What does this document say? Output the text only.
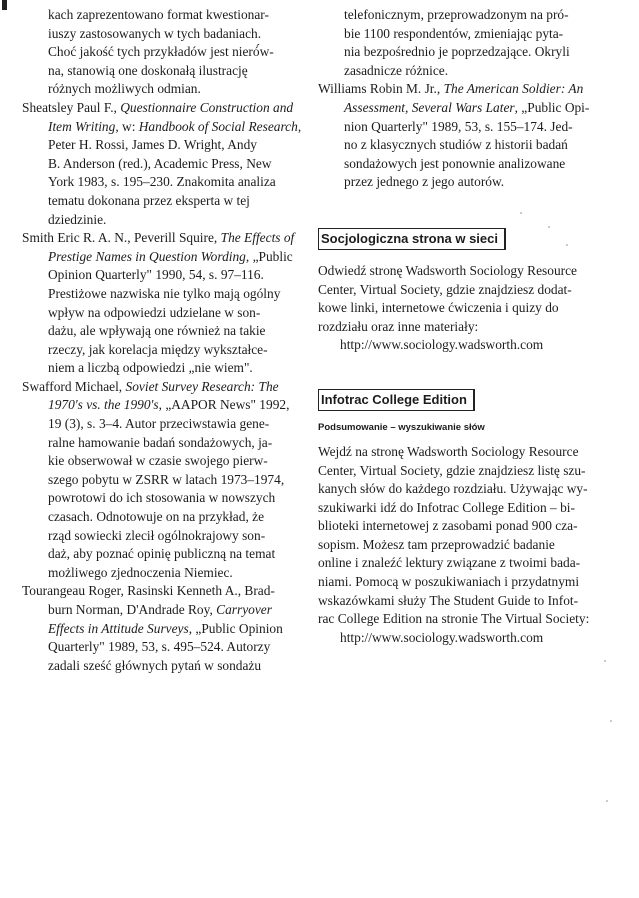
kach zaprezentowano format kwestionar-
iuszy zastosowanych w tych badaniach.
Choć jakość tych przykładów jest nieró́w-
na, stanowią one doskonałą ilustrację
różnych możliwych odmian.
Sheatsley Paul F., Questionnaire Construction and
Item Writing, w: Handbook of Social Research,
Peter H. Rossi, James D. Wright, Andy
B. Anderson (red.), Academic Press, New
York 1983, s. 195–230. Znakomita analiza
tematu dokonana przez eksperta w tej
dziedzinie.
Smith Eric R. A. N., Peverill Squire, The Effects of
Prestige Names in Question Wording, „Public
Opinion Quarterly" 1990, 54, s. 97–116.
Prestiżowe nazwiska nie tylko mają ogólny
wpływ na odpowiedzi udzielane w son-
dażu, ale wpływają one również na takie
rzeczy, jak korelacja między wykształce-
niem a liczbą odpowiedzi „nie wiem".
Swafford Michael, Soviet Survey Research: The
1970's vs. the 1990's, „AAPOR News" 1992,
19 (3), s. 3–4. Autor przeciwstawia gene-
ralne hamowanie badań sondażowych, ja-
kie obserwował w czasie swojego pierw-
szego pobytu w ZSRR w latach 1973–1974,
powrotowi do ich stosowania w nowszych
czasach. Odnotowuje on na przykład, że
rząd sowiecki zlecił ogólnokrajowy son-
daż, aby poznać opinię publiczną na temat
możliwego zjednoczenia Niemiec.
Tourangeau Roger, Rasinski Kenneth A., Brad-
burn Norman, D'Andrade Roy, Carryover
Effects in Attitude Surveys, „Public Opinion
Quarterly" 1989, 53, s. 495–524. Autorzy
zadali sześć głównych pytań w sondażu
telefonicznym, przeprowadzonym na pró-
bie 1100 respondentów, zmieniając pyta-
nia bezpośrednio je poprzedzające. Okryli
zasadnicze różnice.
Williams Robin M. Jr., The American Soldier: An
Assessment, Several Wars Later, „Public Opi-
nion Quarterly" 1989, 53, s. 155–174. Jed-
no z klasycznych studiów z historii badań
sondażowych jest ponownie analizowane
przez jednego z jego autorów.
Socjologiczna strona w sieci
Odwiedź stronę Wadsworth Sociology Resource
Center, Virtual Society, gdzie znajdziesz dodat-
kowe linki, internetowe ćwiczenia i quizy do
rozdziału oraz inne materiały:
http://www.sociology.wadsworth.com
Infotrac College Edition
Podsumowanie – wyszukiwanie słów
Wejdź na stronę Wadsworth Sociology Resource
Center, Virtual Society, gdzie znajdziesz listę szu-
kanych słów do każdego rozdziału. Używając wy-
szukiwarki idź do Infotrac College Edition – bi-
blioteki internetowej z zasobami ponad 900 cza-
sopism. Możesz tam przeprowadzić badanie
online i znaleźć lektury związane z twoimi bada-
niami. Pomocą w poszukiwaniach i przydatnymi
wskazówkami służy The Student Guide to Infot-
rac College Edition na stronie The Virtual Society:
http://www.sociology.wadsworth.com
